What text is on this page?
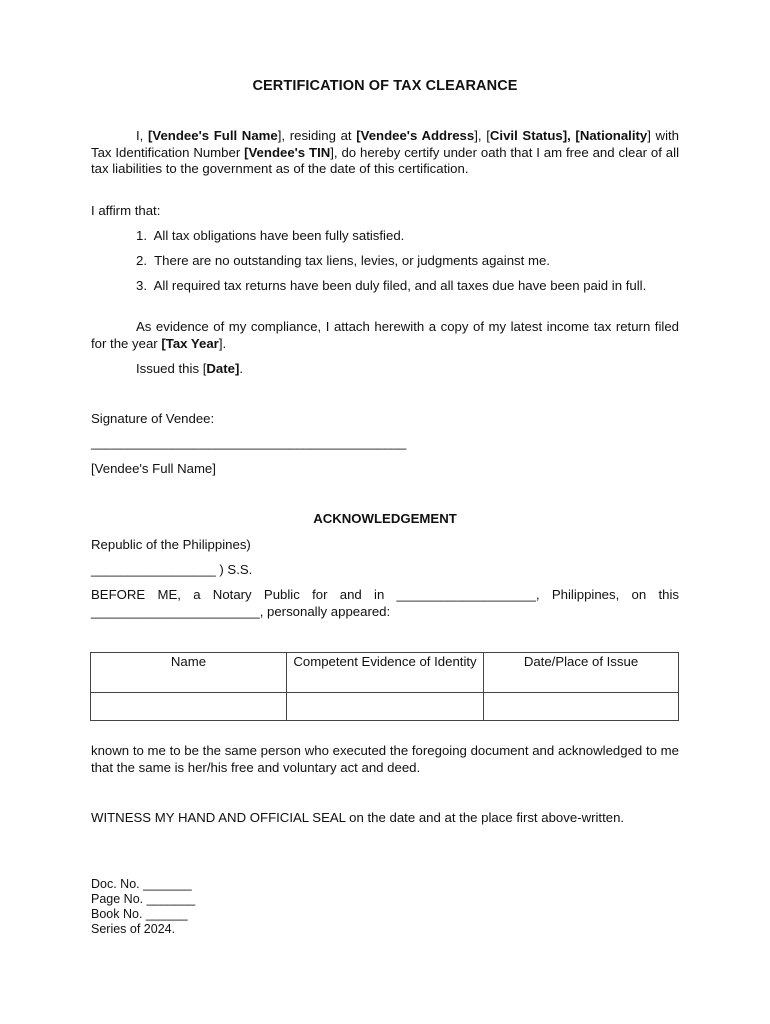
CERTIFICATION OF TAX CLEARANCE

I, [Vendee's Full Name], residing at [Vendee's Address], [Civil Status], [Nationality] with Tax Identification Number [Vendee's TIN], do hereby certify under oath that I am free and clear of all tax liabilities to the government as of the date of this certification.

I affirm that:
1. All tax obligations have been fully satisfied.
2. There are no outstanding tax liens, levies, or judgments against me.
3. All required tax returns have been duly filed, and all taxes due have been paid in full.

As evidence of my compliance, I attach herewith a copy of my latest income tax return filed for the year [Tax Year].

Issued this [Date].
Signature of Vendee:
___________________________________________
[Vendee's Full Name]
ACKNOWLEDGEMENT
Republic of the Philippines)
_________________ ) S.S.

BEFORE ME, a Notary Public for and in ___________________, Philippines, on this _______________________, personally appeared:

Name	Competent Evidence of Identity	Date/Place of Issue

known to me to be the same person who executed the foregoing document and acknowledged to me that the same is her/his free and voluntary act and deed.

WITNESS MY HAND AND OFFICIAL SEAL on the date and at the place first above-written.

Doc. No. _______
Page No. _______
Book No. ______
Series of 2024.
